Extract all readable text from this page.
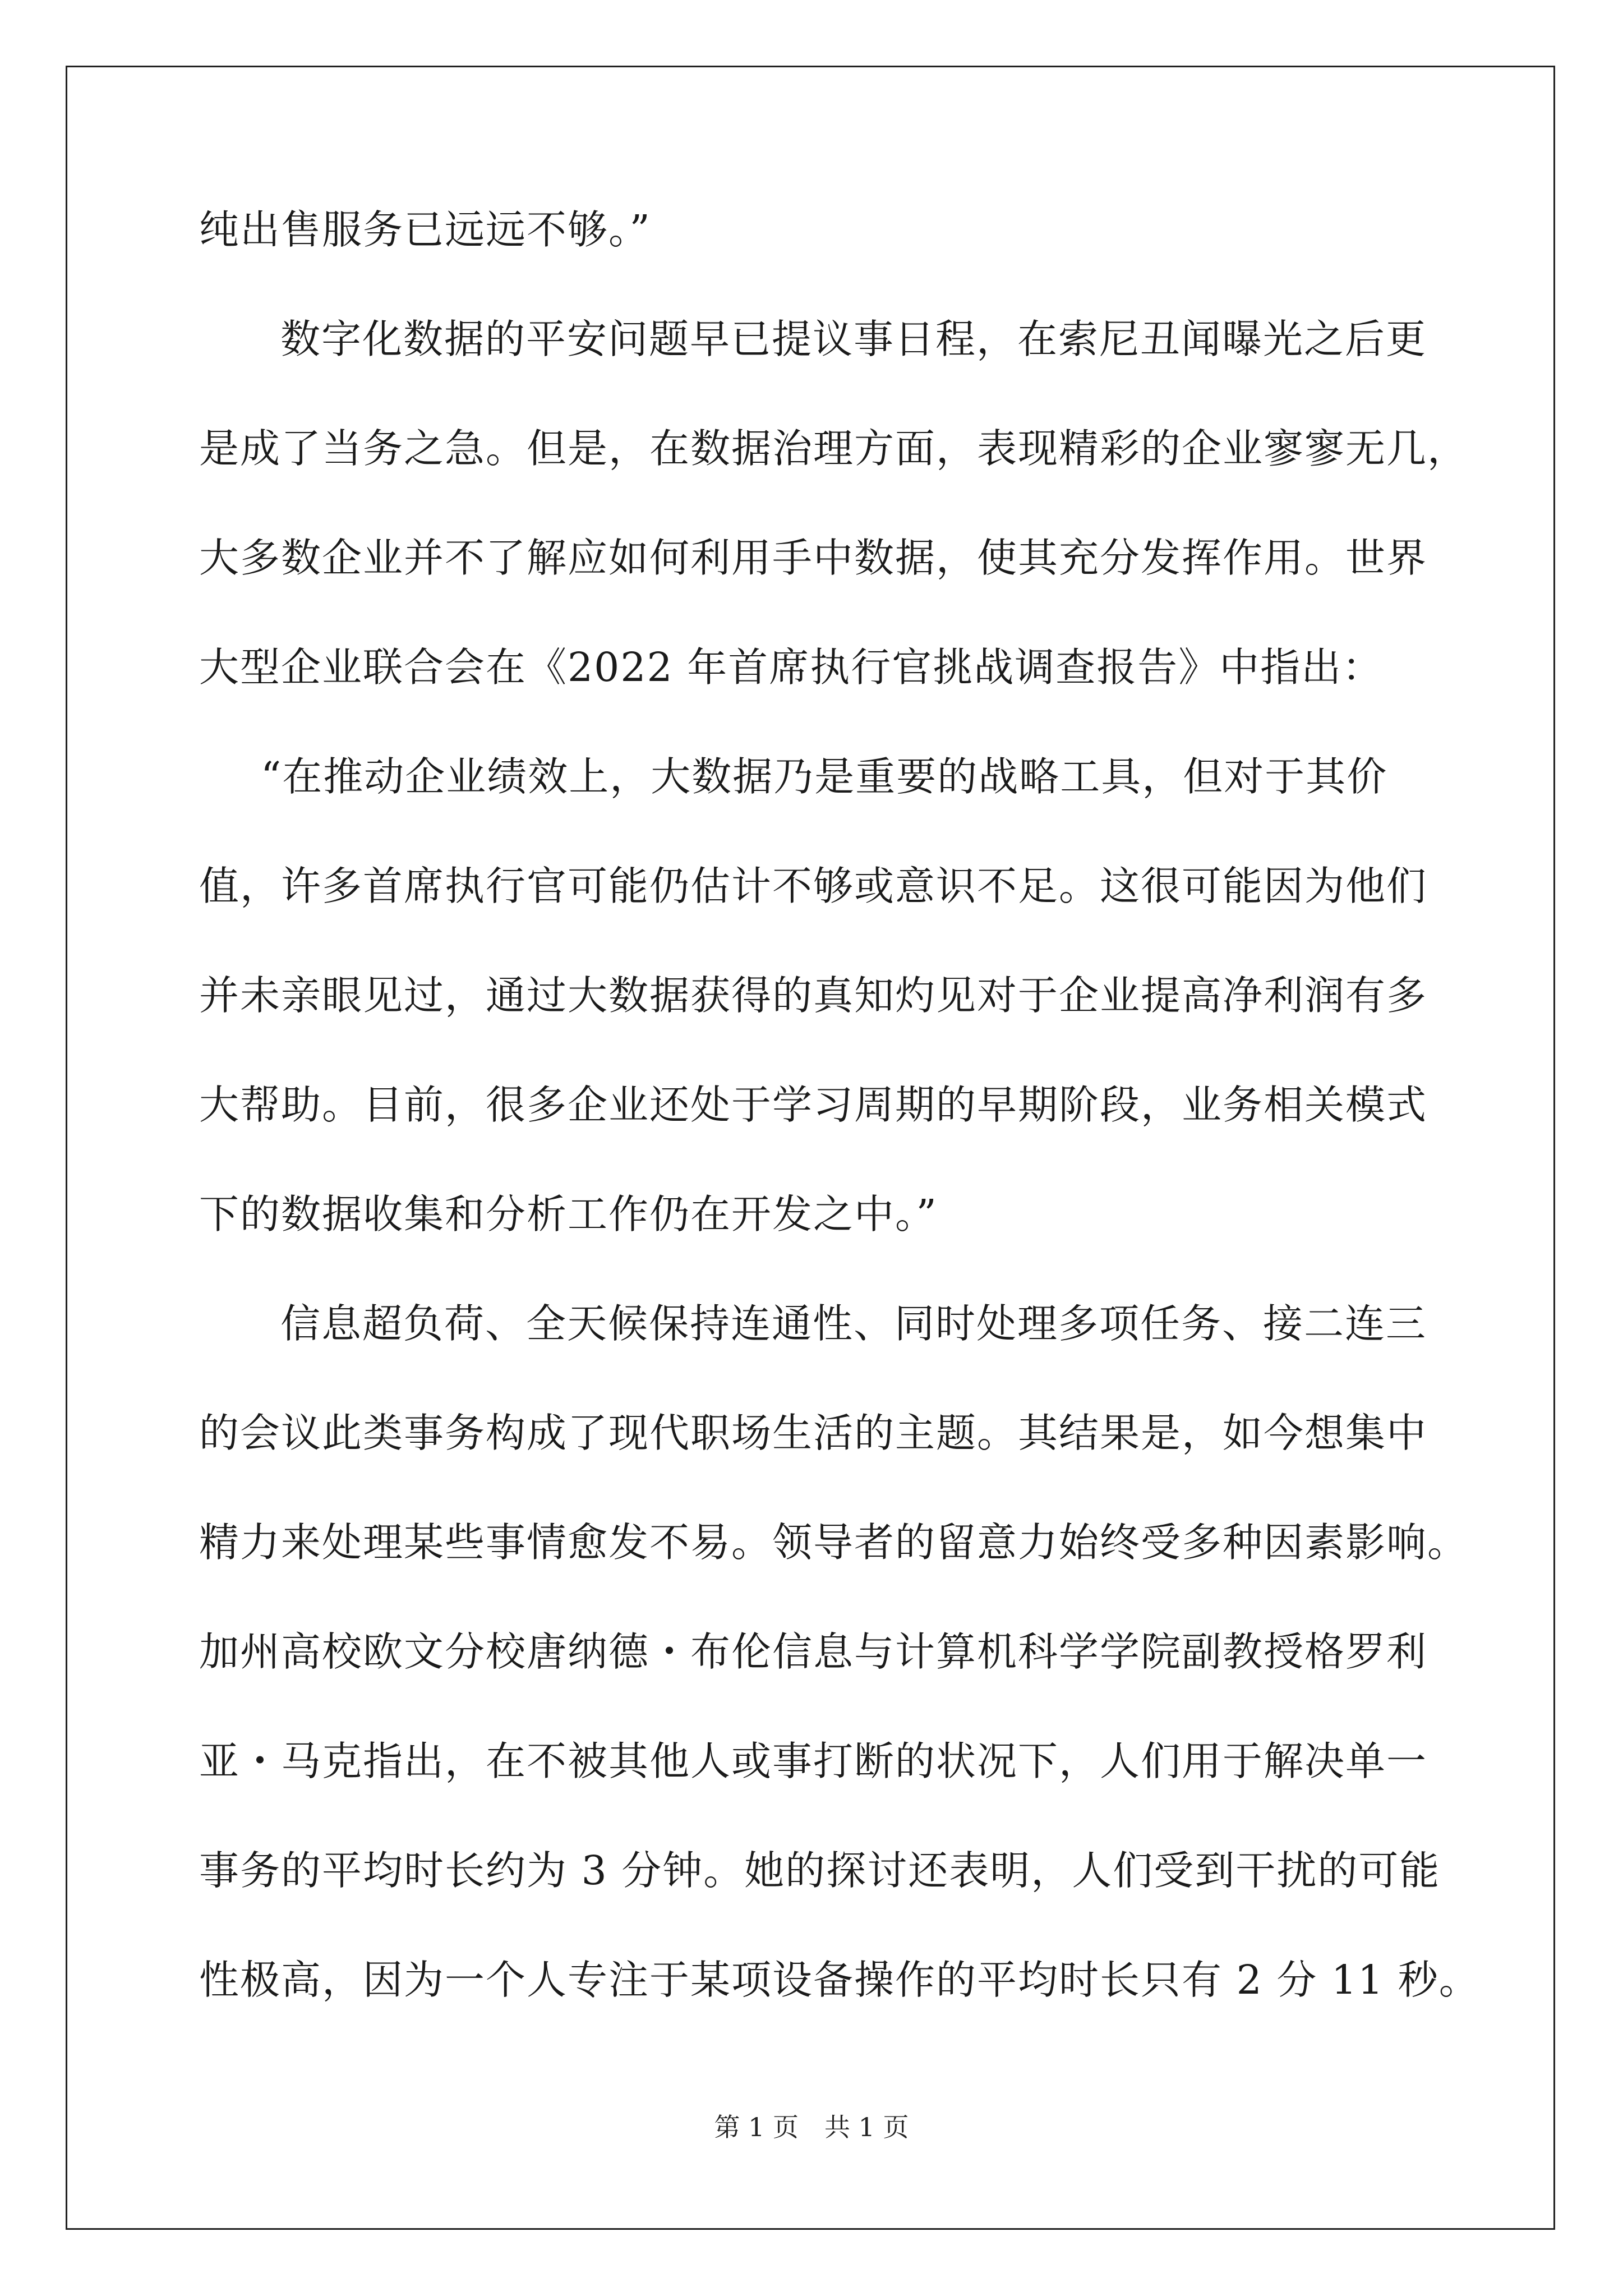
纯出售服务已远远不够。”
数字化数据的平安问题早已提议事日程，在索尼丑闻曝光之后更
是成了当务之急。但是，在数据治理方面，表现精彩的企业寥寥无几，
大多数企业并不了解应如何利用手中数据，使其充分发挥作用。世界
大型企业联合会在《2022 年首席执行官挑战调查报告》中指出：
“在推动企业绩效上，大数据乃是重要的战略工具，但对于其价
值，许多首席执行官可能仍估计不够或意识不足。这很可能因为他们
并未亲眼见过，通过大数据获得的真知灼见对于企业提高净利润有多
大帮助。目前，很多企业还处于学习周期的早期阶段，业务相关模式
下的数据收集和分析工作仍在开发之中。”
信息超负荷、全天候保持连通性、同时处理多项任务、接二连三
的会议此类事务构成了现代职场生活的主题。其结果是，如今想集中
精力来处理某些事情愈发不易。领导者的留意力始终受多种因素影响。
加州高校欧文分校唐纳德・布伦信息与计算机科学学院副教授格罗利
亚・马克指出，在不被其他人或事打断的状况下，人们用于解决单一
事务的平均时长约为 3 分钟。她的探讨还表明，人们受到干扰的可能
性极高，因为一个人专注于某项设备操作的平均时长只有 2 分 11 秒。
第 1 页　共 1 页
